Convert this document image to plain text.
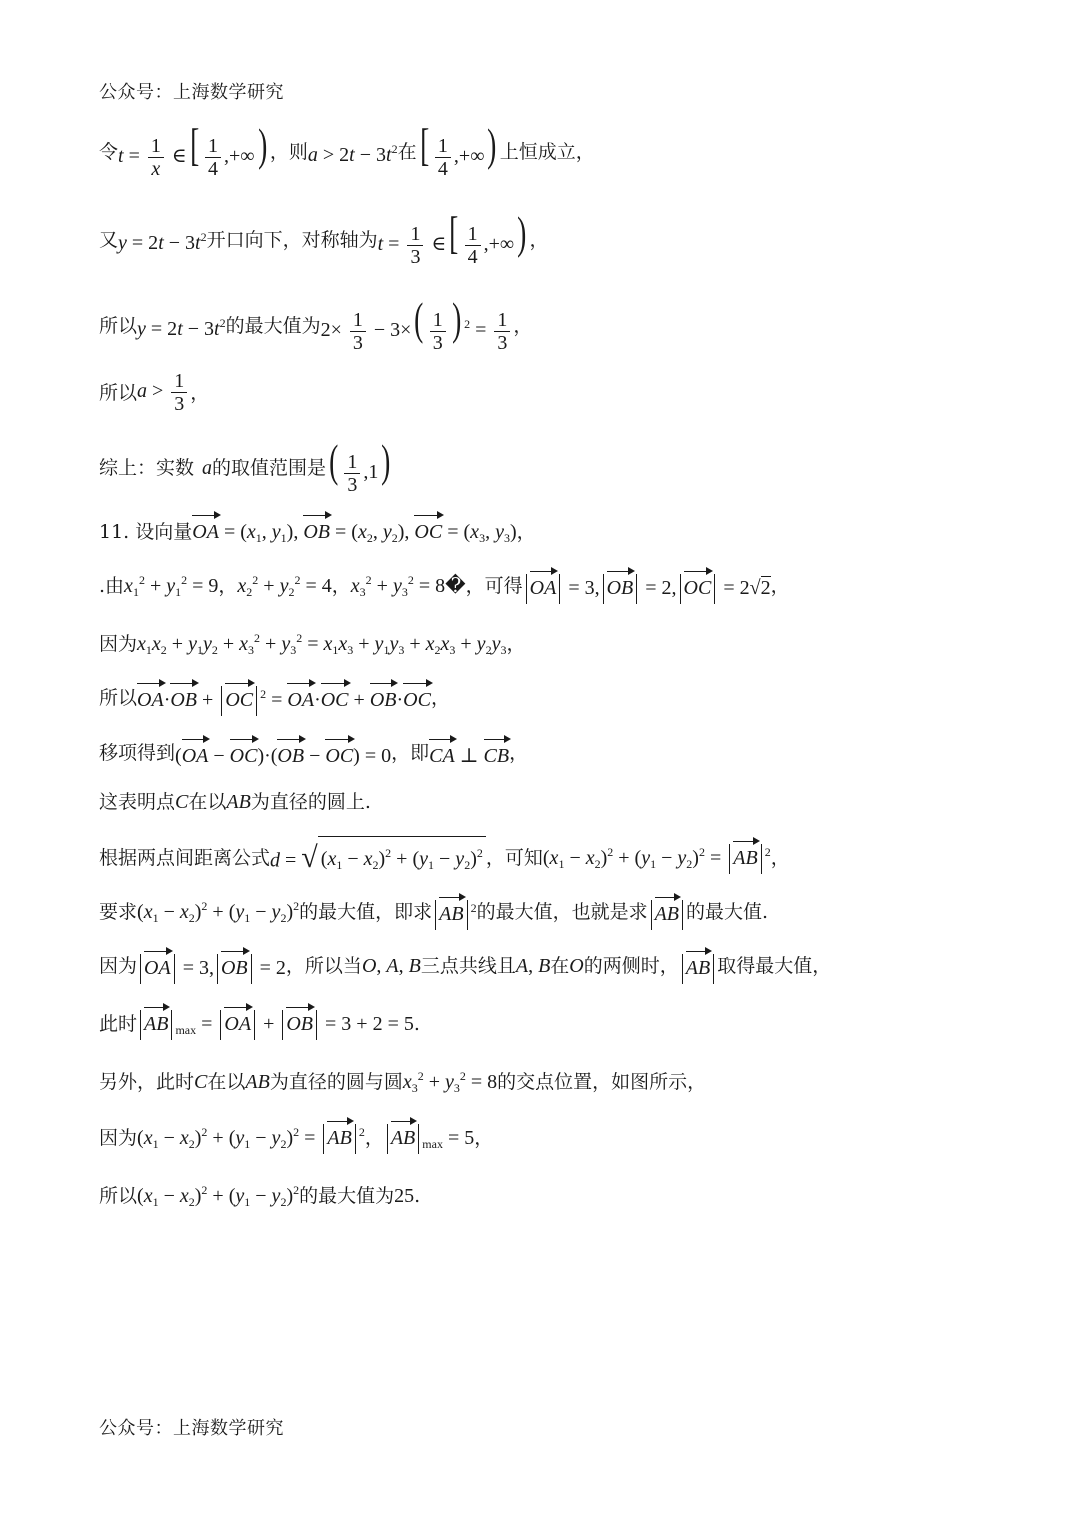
公众号：上海数学研究
令 $t = \frac{1}{x}$ ∈[ $\frac{1}{4}$ ,+∞) ，则 $a > 2t - 3t^2$ 在 [ $\frac{1}{4}$ ,+∞) 上恒成立，
又 $y = 2t - 3t^2$ 开口向下，对称轴为 $t = \frac{1}{3}$ ∈[ $\frac{1}{4}$ ,+∞) ，
所以 $y = 2t - 3t^2$ 的最大值为 $2\times \frac{1}{3} - 3\times( \frac{1}{3}$ ) $^2 = \frac{1}{3}$ ，
所以 $a > \frac{1}{3}$ ，
综上：实数 a 的取值范围是 ( $\frac{1}{3} ,1$)
11. 设向量 OA = ($x_1$, $y_1$), OB = ($x_2$, $y_2$), OC = ($x_3$, $y_3$) ，
.由 $x_1^2 + y_1^2 = 9$ ， $x_2^2 + y_2^2 = 4$ ， $x_3^2 + y_3^2$ = 8� ，可得 OA = 3, OB = 2, OC = 2√2 ，
因为 $x_1x_2 + y_1y_2 + x_3^2 + y_3^2 = x_1x_3 + y_1y_3 + x_2x_3 + y_2y_3$ ，
所以 OA·OB + OC $^2$ = OA·OC + OB·OC ，
移项得到 (OA − OC)·(OB − OC) = 0 ，即 CA ⊥ CB ，
这表明点 C 在以 AB 为直径的圆上.
根据两点间距离公式 d = √ $(x_1 - x_2)^2 + (y_1 - y_2)^2$ ，可知 $(x_1 - x_2)^2 + (y_1 - y_2)^2$ = AB $^2$ ，
要求 $(x_1 - x_2)^2 + (y_1 - y_2)^2$ 的最大值，即求 AB $^2$ 的最大值，也就是求 AB 的最大值.
因为 OA = 3, OB = 2 ，所以当 O, A, B 三点共线且 A, B 在 O 的两侧时， AB 取得最大值，
此时 AB $_{max}$ = OA + OB = 3 + 2 = 5 .
另外，此时 C 在以 AB 为直径的圆与圆 $x_3^2 + y_3^2 = 8$ 的交点位置，如图所示，
因为 $(x_1 - x_2)^2 + (y_1 - y_2)^2$ = AB $^2$ ， AB $_{max}$ = 5 ，
所以 $(x_1 - x_2)^2 + (y_1 - y_2)^2$ 的最大值为 25 .
公众号：上海数学研究
